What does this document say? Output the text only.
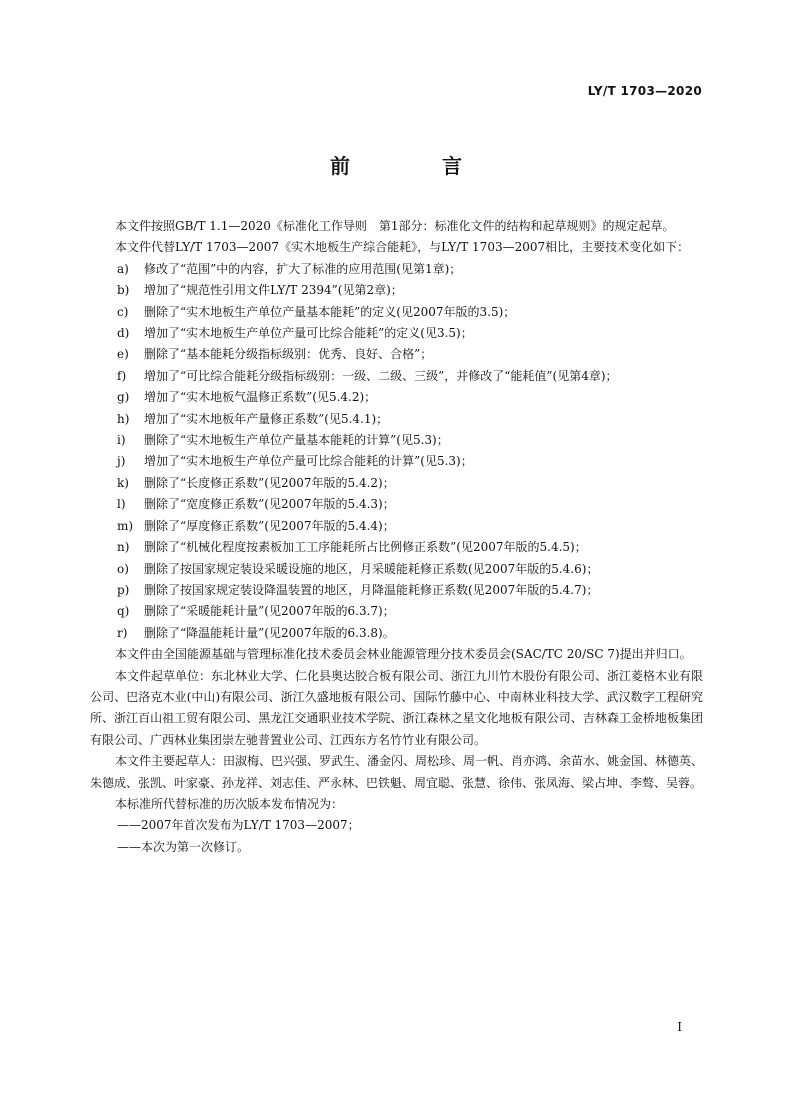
LY/T 1703—2020
前　言

本文件按照GB/T 1.1—2020《标准化工作导则　第1部分：标准化文件的结构和起草规则》的规定起草。

本文件代替LY/T 1703—2007《实木地板生产综合能耗》，与LY/T 1703—2007相比，主要技术变化如下：

a)	修改了“范围”中的内容，扩大了标准的应用范围(见第1章)；
b)	增加了“规范性引用文件LY/T 2394”(见第2章)；
c)	删除了“实木地板生产单位产量基本能耗”的定义(见2007年版的3.5)；
d)	增加了“实木地板生产单位产量可比综合能耗”的定义(见3.5)；
e)	删除了“基本能耗分级指标级别：优秀、良好、合格”；
f)	增加了“可比综合能耗分级指标级别：一级、二级、三级”，并修改了“能耗值”(见第4章)；
g)	增加了“实木地板气温修正系数”(见5.4.2)；
h)	增加了“实木地板年产量修正系数”(见5.4.1)；
i)	删除了“实木地板生产单位产量基本能耗的计算”(见5.3)；
j)	增加了“实木地板生产单位产量可比综合能耗的计算”(见5.3)；
k)	删除了“长度修正系数”(见2007年版的5.4.2)；
l)	删除了“宽度修正系数”(见2007年版的5.4.3)；
m) 删除了“厚度修正系数”(见2007年版的5.4.4)；
n)	删除了“机械化程度按素板加工工序能耗所占比例修正系数”(见2007年版的5.4.5)；
o)	删除了按国家规定装设采暖设施的地区，月采暖能耗修正系数(见2007年版的5.4.6)；
p)	删除了按国家规定装设降温装置的地区，月降温能耗修正系数(见2007年版的5.4.7)；
q)	删除了“采暖能耗计量”(见2007年版的6.3.7)；
r)	删除了“降温能耗计量”(见2007年版的6.3.8)。

本文件由全国能源基础与管理标准化技术委员会林业能源管理分技术委员会(SAC/TC 20/SC 7)提出并归口。

本文件起草单位：东北林业大学、仁化县奥达胶合板有限公司、浙江九川竹木股份有限公司、浙江菱格木业有限公司、巴洛克木业(中山)有限公司、浙江久盛地板有限公司、国际竹藤中心、中南林业科技大学、武汉数字工程研究所、浙江百山祖工贸有限公司、黑龙江交通职业技术学院、浙江森林之星文化地板有限公司、吉林森工金桥地板集团有限公司、广西林业集团崇左驰普置业公司、江西东方名竹竹业有限公司。

本文件主要起草人：田淑梅、巴兴强、罗武生、潘金闪、周松珍、周一帆、肖亦鸿、余苗水、姚金国、林德英、朱德成、张凯、叶家豪、孙龙祥、刘志佳、严永林、巴铁魁、周宜聪、张慧、徐伟、张凤海、梁占坤、李骜、吴蓉。

本标准所代替标准的历次版本发布情况为：

——2007年首次发布为LY/T 1703—2007；

——本次为第一次修订。

I
